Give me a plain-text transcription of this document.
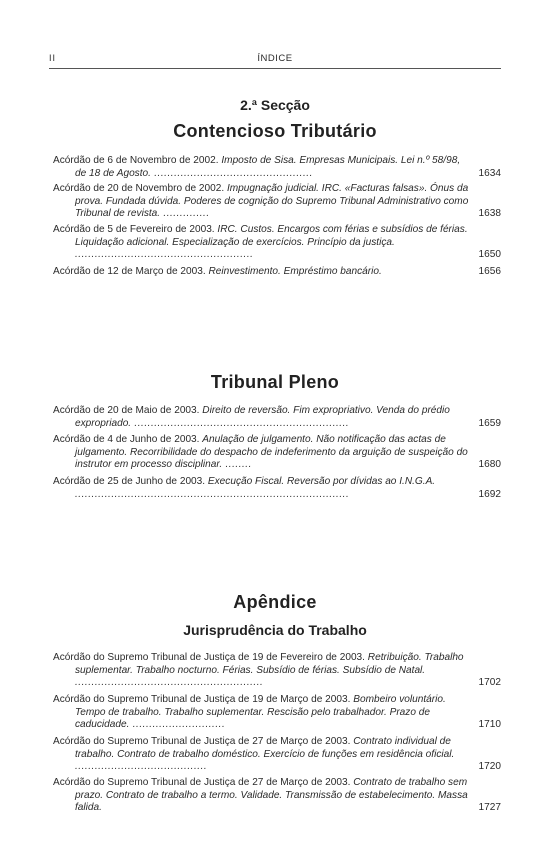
II	ÍNDICE
2.ª Secção
Contencioso Tributário
Acórdão de 6 de Novembro de 2002. Imposto de Sisa. Empresas Municipais. Lei n.º 58/98, de 18 de Agosto. ................................................	1634
Acórdão de 20 de Novembro de 2002. Impugnação judicial. IRC. «Facturas falsas». Ónus da prova. Fundada dúvida. Poderes de cognição do Supremo Tribunal Administrativo como Tribunal de revista. ..............	1638
Acórdão de 5 de Fevereiro de 2003. IRC. Custos. Encargos com férias e subsídios de férias. Liquidação adicional. Especialização de exercícios. Princípio da justiça. ......................................................	1650
Acórdão de 12 de Março de 2003. Reinvestimento. Empréstimo bancário.	1656
Tribunal Pleno
Acórdão de 20 de Maio de 2003. Direito de reversão. Fim expropriativo. Venda do prédio expropriado. .................................................................	1659
Acórdão de 4 de Junho de 2003. Anulação de julgamento. Não notificação das actas de julgamento. Recorribilidade do despacho de indeferimento da arguição de suspeição do instrutor em processo disciplinar. ........	1680
Acórdão de 25 de Junho de 2003. Execução Fiscal. Reversão por dívidas ao I.N.G.A. ...................................................................................	1692
Apêndice
Jurisprudência do Trabalho
Acórdão do Supremo Tribunal de Justiça de 19 de Fevereiro de 2003. Retribuição. Trabalho suplementar. Trabalho nocturno. Férias. Subsídio de férias. Subsídio de Natal. .........................................................	1702
Acórdão do Supremo Tribunal de Justiça de 19 de Março de 2003. Bombeiro voluntário. Tempo de trabalho. Trabalho suplementar. Rescisão pelo trabalhador. Prazo de caducidade. ............................	1710
Acórdão do Supremo Tribunal de Justiça de 27 de Março de 2003. Contrato individual de trabalho. Contrato de trabalho doméstico. Exercício de funções em residência oficial. ........................................	1720
Acórdão do Supremo Tribunal de Justiça de 27 de Março de 2003. Contrato de trabalho sem prazo. Contrato de trabalho a termo. Validade. Transmissão de estabelecimento. Massa falida.	1727
